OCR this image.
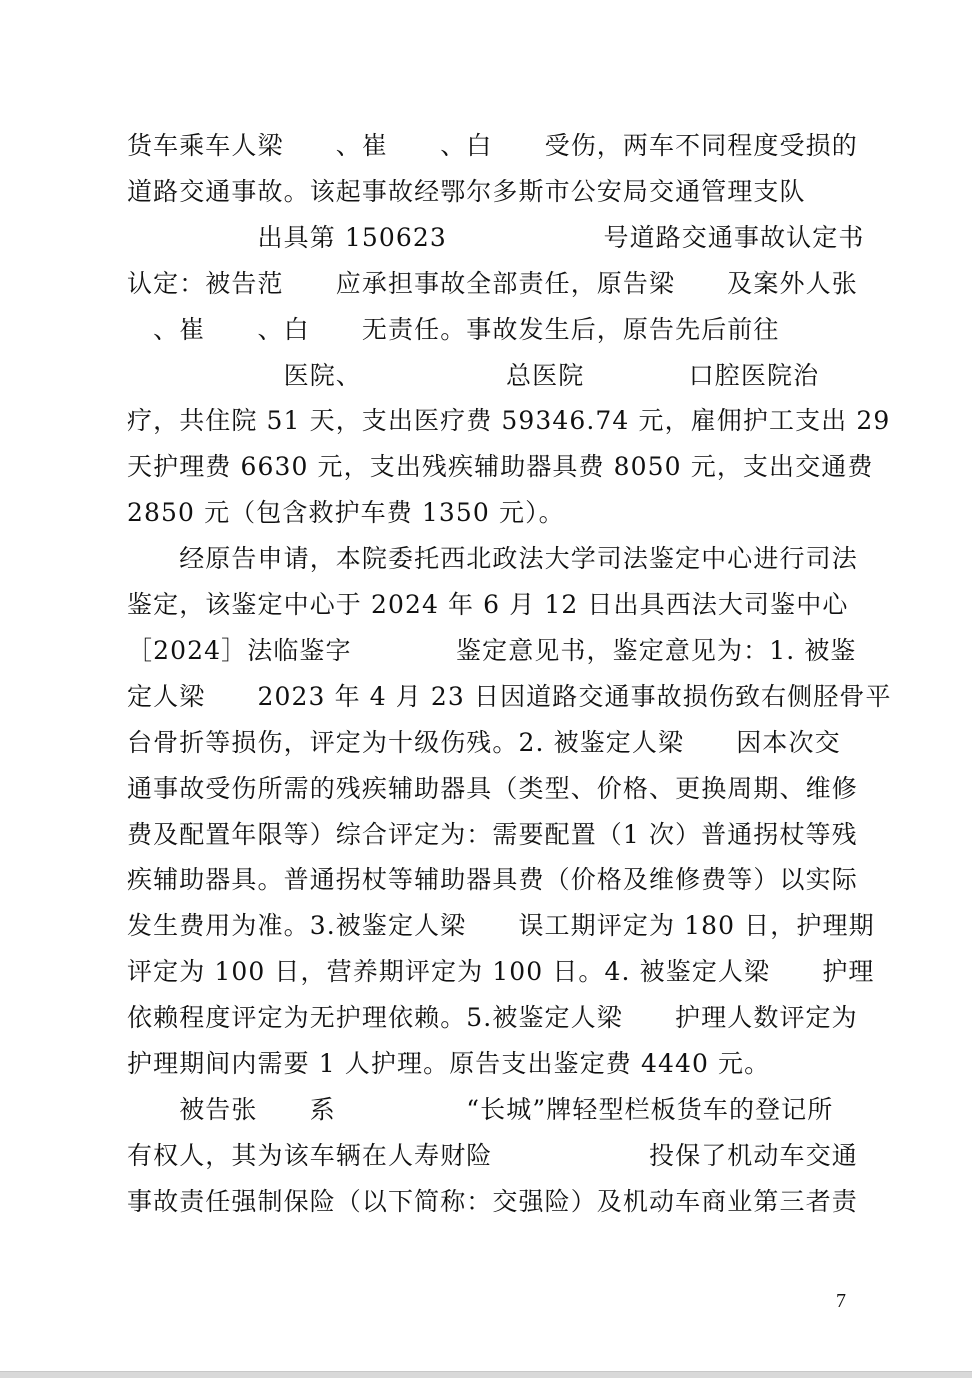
货车乘车人梁　　、崔　　、白　　受伤，两车不同程度受损的
道路交通事故。该起事故经鄂尔多斯市公安局交通管理支队
　　　　　出具第 150623　　　　　　号道路交通事故认定书
认定：被告范　　应承担事故全部责任，原告梁　　及案外人张
　、崔　　、白　　无责任。事故发生后，原告先后前往
　　　　　　医院、　　　　　　总医院　　　　口腔医院治
疗，共住院 51 天，支出医疗费 59346.74 元，雇佣护工支出 29
天护理费 6630 元，支出残疾辅助器具费 8050 元，支出交通费
2850 元（包含救护车费 1350 元）。
　　经原告申请，本院委托西北政法大学司法鉴定中心进行司法
鉴定，该鉴定中心于 2024 年 6 月 12 日出具西法大司鉴中心
［2024］法临鉴字　　　　鉴定意见书，鉴定意见为：1. 被鉴
定人梁　　2023 年 4 月 23 日因道路交通事故损伤致右侧胫骨平
台骨折等损伤，评定为十级伤残。2. 被鉴定人梁　　因本次交
通事故受伤所需的残疾辅助器具（类型、价格、更换周期、维修
费及配置年限等）综合评定为：需要配置（1 次）普通拐杖等残
疾辅助器具。普通拐杖等辅助器具费（价格及维修费等）以实际
发生费用为准。3.被鉴定人梁　　误工期评定为 180 日，护理期
评定为 100 日，营养期评定为 100 日。4. 被鉴定人梁　　护理
依赖程度评定为无护理依赖。5.被鉴定人梁　　护理人数评定为
护理期间内需要 1 人护理。原告支出鉴定费 4440 元。
　　被告张　　系　　　　　“长城”牌轻型栏板货车的登记所
有权人，其为该车辆在人寿财险　　　　　　投保了机动车交通
事故责任强制保险（以下简称：交强险）及机动车商业第三者责
7
